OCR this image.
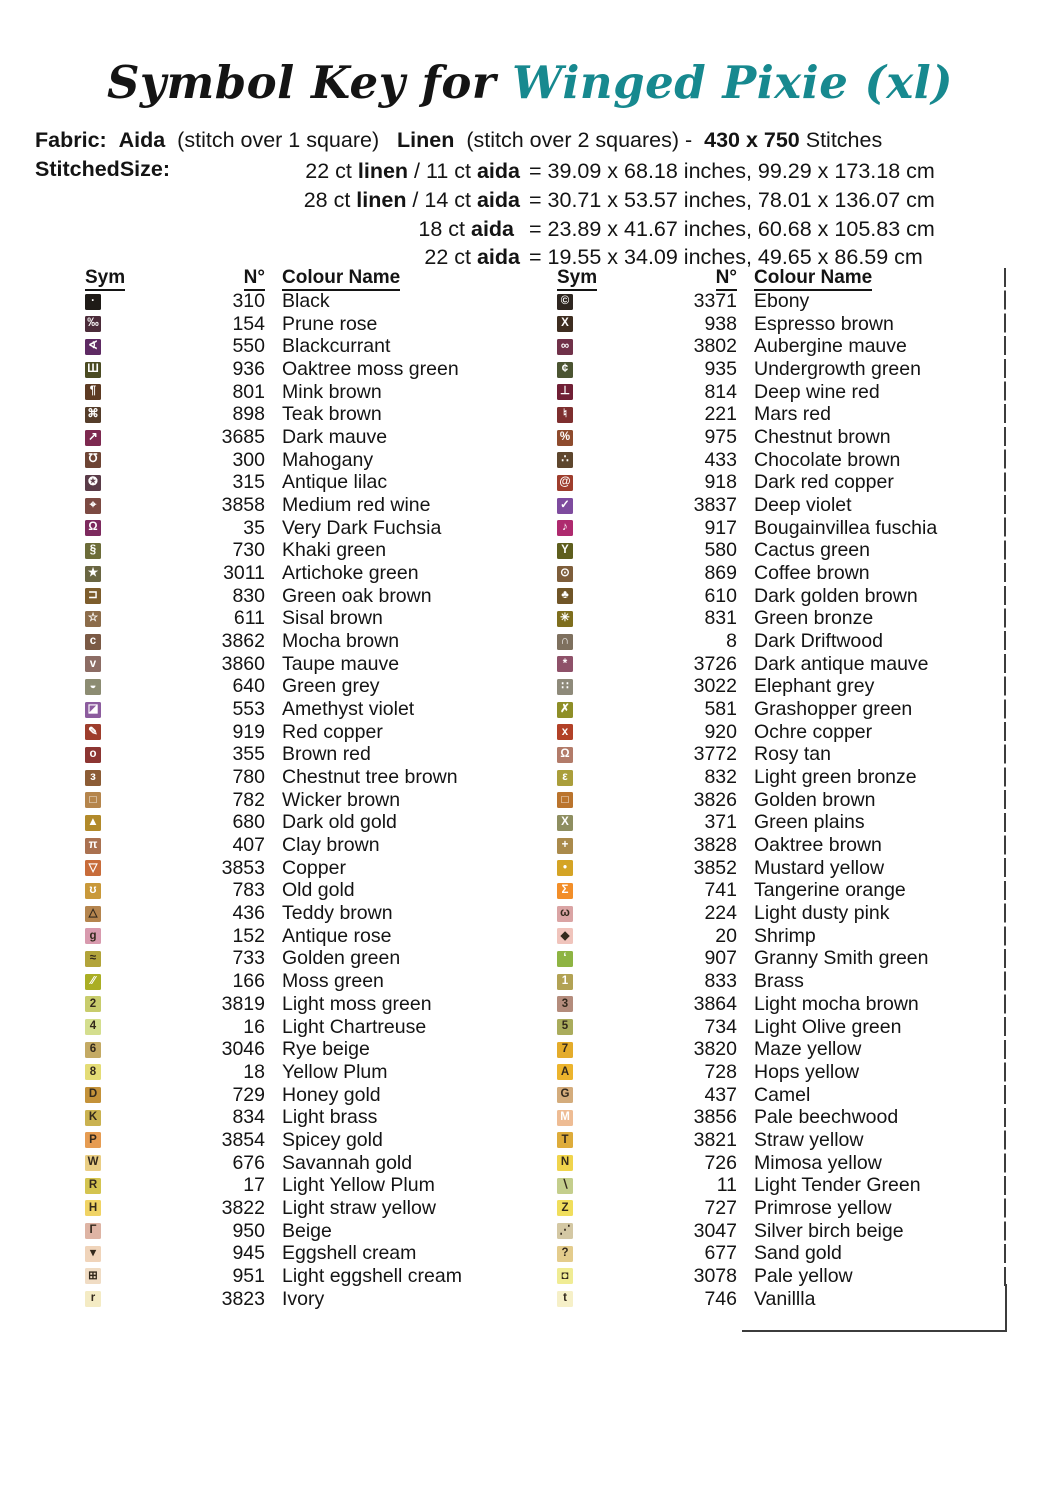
Symbol Key for Winged Pixie (xl)
Fabric: Aida  (stitch over 1 square)   Linen  (stitch over 2 squares) -  430 x 750 Stitches
StitchedSize:	22 ct linen / 11 ct aida = 39.09 x 68.18 inches, 99.29 x 173.18 cm
28 ct linen / 14 ct aida = 30.71 x 53.57 inches, 78.01 x 136.07 cm
18 ct aida = 23.89 x 41.67 inches, 60.68 x 105.83 cm
22 ct aida = 19.55 x 34.09 inches, 49.65 x 86.59 cm
Sym	N° Colour Name
·	310 Black
‰	154 Prune rose
∢	550 Blackcurrant
Ш	936 Oaktree moss green
¶	801 Mink brown
⌘	898 Teak brown
↗	3685 Dark mauve
℧	300 Mahogany
✪	315 Antique lilac
⌖	3858 Medium red wine
Ω	35 Very Dark Fuchsia
§	730 Khaki green
★	3011 Artichoke green
⊐	830 Green oak brown
☆	611 Sisal brown
ᴄ	3862 Mocha brown
v	3860 Taupe mauve
◒	640 Green grey
◪	553 Amethyst violet
✎	919 Red copper
o	355 Brown red
ɜ	780 Chestnut tree brown
□	782 Wicker brown
▲	680 Dark old gold
π	407 Clay brown
▽	3853 Copper
ʊ	783 Old gold
△	436 Teddy brown
g	152 Antique rose
≈	733 Golden green
∕∕	166 Moss green
2	3819 Light moss green
4	16 Light Chartreuse
6	3046 Rye beige
8	18 Yellow Plum
D	729 Honey gold
K	834 Light brass
P	3854 Spicey gold
W	676 Savannah gold
R	17 Light Yellow Plum
H	3822 Light straw yellow
Γ	950 Beige
▾	945 Eggshell cream
⊞	951 Light eggshell cream
r	3823 Ivory
Sym	N° Colour Name
©	3371 Ebony
X	938 Espresso brown
∞	3802 Aubergine mauve
¢	935 Undergrowth green
⊥	814 Deep wine red
♮	221 Mars red
%	975 Chestnut brown
∴	433 Chocolate brown
@	918 Dark red copper
✓	3837 Deep violet
♪	917 Bougainvillea fuschia
Y	580 Cactus green
⊙	869 Coffee brown
♣	610 Dark golden brown
✳	831 Green bronze
∩	8 Dark Driftwood
*	3726 Dark antique mauve
∷	3022 Elephant grey
✗	581 Grashopper green
x	920 Ochre copper
Ω	3772 Rosy tan
ε	832 Light green bronze
□	3826 Golden brown
X	371 Green plains
+	3828 Oaktree brown
•	3852 Mustard yellow
Σ	741 Tangerine orange
ω	224 Light dusty pink
◆	20 Shrimp
‘	907 Granny Smith green
1	833 Brass
3	3864 Light mocha brown
5	734 Light Olive green
7	3820 Maze yellow
A	728 Hops yellow
G	437 Camel
M	3856 Pale beechwood
T	3821 Straw yellow
N	726 Mimosa yellow
∖	11 Light Tender Green
Z	727 Primrose yellow
⋰	3047 Silver birch beige
?	677 Sand gold
◘	3078 Pale yellow
t	746 Vanillla
